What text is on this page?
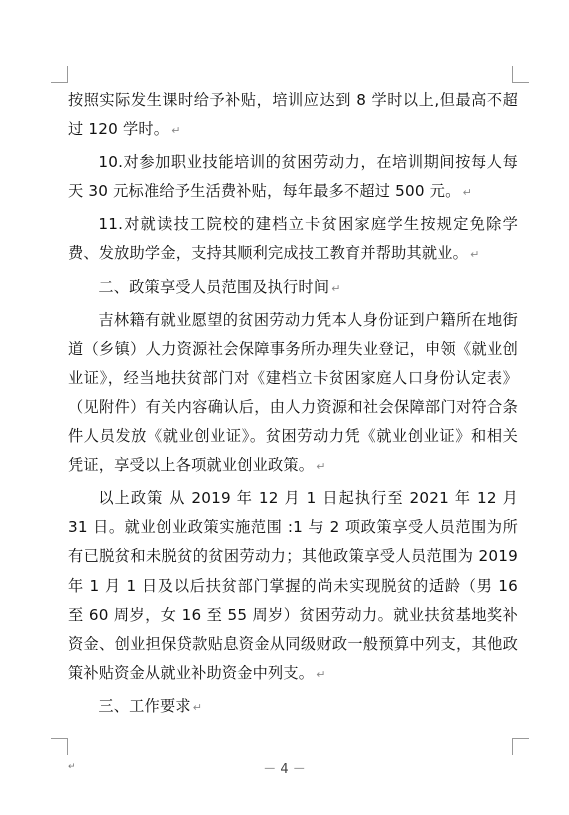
按照实际发生课时给予补贴，培训应达到 8 学时以上,但最高不超过 120 学时。 ↵

10.对参加职业技能培训的贫困劳动力，在培训期间按每人每天 30 元标准给予生活费补贴，每年最多不超过 500 元。 ↵

11.对就读技工院校的建档立卡贫困家庭学生按规定免除学费、发放助学金，支持其顺利完成技工教育并帮助其就业。 ↵

二、政策享受人员范围及执行时间 ↵

吉林籍有就业愿望的贫困劳动力凭本人身份证到户籍所在地街道（乡镇）人力资源社会保障事务所办理失业登记，申领《就业创业证》，经当地扶贫部门对《建档立卡贫困家庭人口身份认定表》（见附件）有关内容确认后，由人力资源和社会保障部门对符合条件人员发放《就业创业证》。贫困劳动力凭《就业创业证》和相关凭证，享受以上各项就业创业政策。 ↵

以上政策 从 2019 年 12 月 1 日起执行至 2021 年 12 月 31 日。就业创业政策实施范围 :1 与 2 项政策享受人员范围为所有已脱贫和未脱贫的贫困劳动力；其他政策享受人员范围为 2019 年 1 月 1 日及以后扶贫部门掌握的尚未实现脱贫的适龄（男 16 至 60 周岁，女 16 至 55 周岁）贫困劳动力。就业扶贫基地奖补资金、创业担保贷款贴息资金从同级财政一般预算中列支，其他政策补贴资金从就业补助资金中列支。 ↵

三、工作要求 ↵

↵	－ 4 －
